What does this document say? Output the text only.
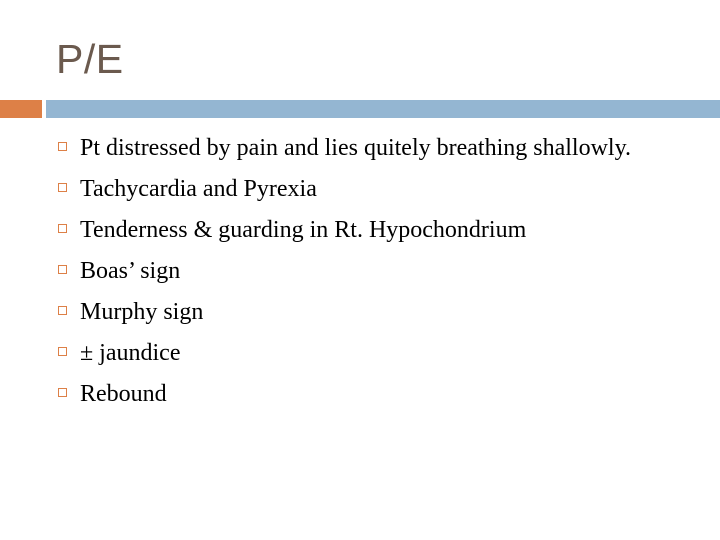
P/E
Pt distressed by pain and lies quitely breathing shallowly.
Tachycardia and Pyrexia
Tenderness & guarding in Rt. Hypochondrium
Boas’ sign
Murphy sign
± jaundice
Rebound
